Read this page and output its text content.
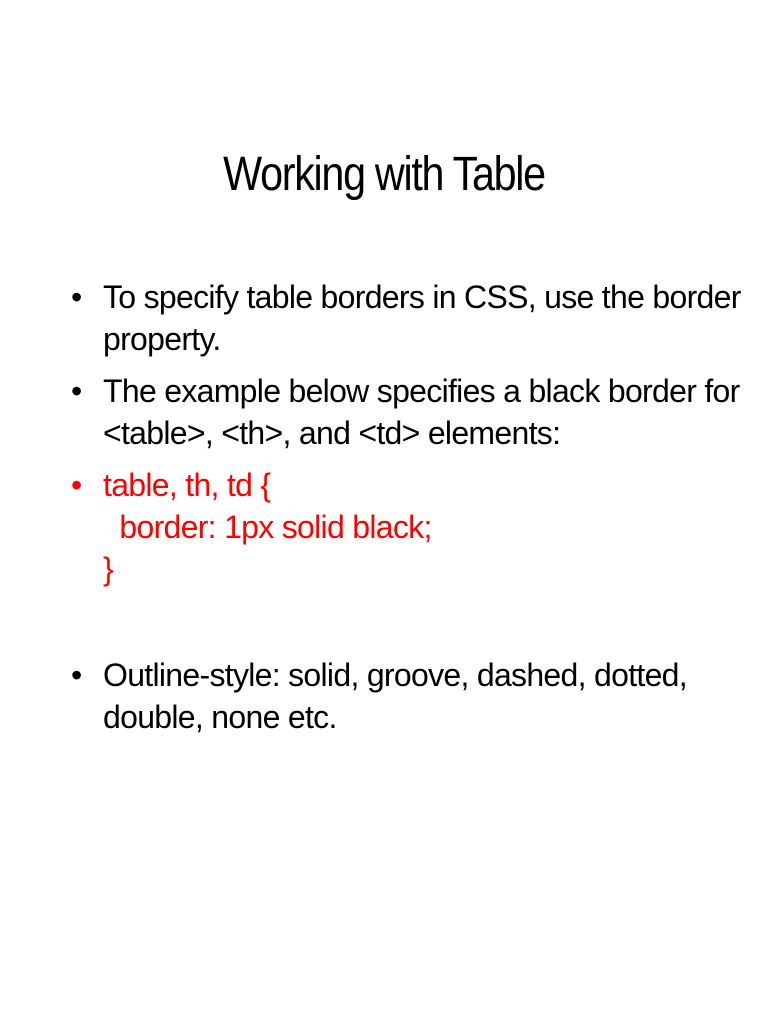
Working with Table
• To specify table borders in CSS, use the border
property.
• The example below specifies a black border for
<table>, <th>, and <td> elements:
• table, th, td {
border: 1px solid black;
}
• Outline-style: solid, groove, dashed, dotted,
double, none etc.
